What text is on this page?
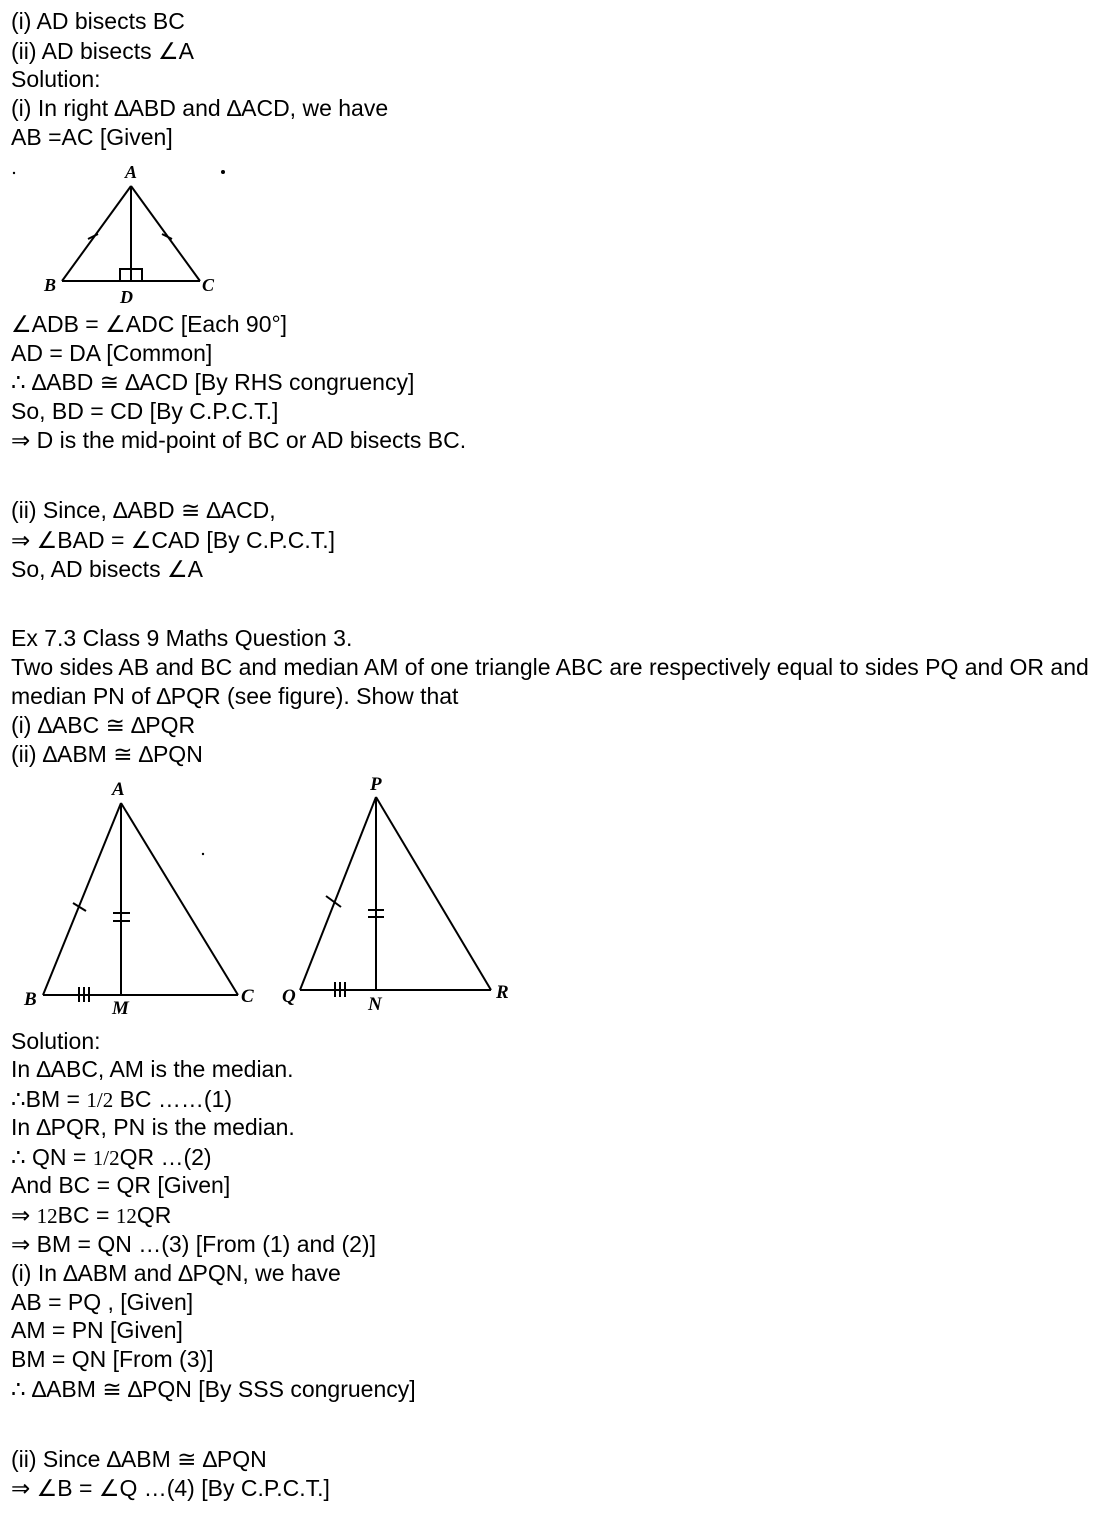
(i) AD bisects BC

(ii) AD bisects ∠A

Solution:

(i) In right ∆ABD and ∆ACD, we have

AB =AC [Given]

A
B	C
D

∠ADB = ∠ADC [Each 90°]

AD = DA [Common]

∴ ∆ABD ≅ ∆ACD [By RHS congruency]

So, BD = CD [By C.P.C.T.]

⇒ D is the mid-point of BC or AD bisects BC.

(ii) Since, ∆ABD ≅ ∆ACD,

⇒ ∠BAD = ∠CAD [By C.P.C.T.]

So, AD bisects ∠A

Ex 7.3 Class 9 Maths Question 3.

Two sides AB and BC and median AM of one triangle ABC are respectively equal to sides PQ and OR and median PN of ∆PQR (see figure). Show that

(i) ∆ABC ≅ ∆PQR

(ii) ∆ABM ≅ ∆PQN

A
B	C
M
P
Q	R
N

Solution:

In ∆ABC, AM is the median.

∴BM = 1/2 BC ……(1)

In ∆PQR, PN is the median.

∴ QN = 1/2QR …(2)

And BC = QR [Given]

⇒ 12BC = 12QR

⇒ BM = QN …(3) [From (1) and (2)]

(i) In ∆ABM and ∆PQN, we have

AB = PQ , [Given]

AM = PN [Given]

BM = QN [From (3)]

∴ ∆ABM ≅ ∆PQN [By SSS congruency]

(ii) Since ∆ABM ≅ ∆PQN

⇒ ∠B = ∠Q …(4) [By C.P.C.T.]
